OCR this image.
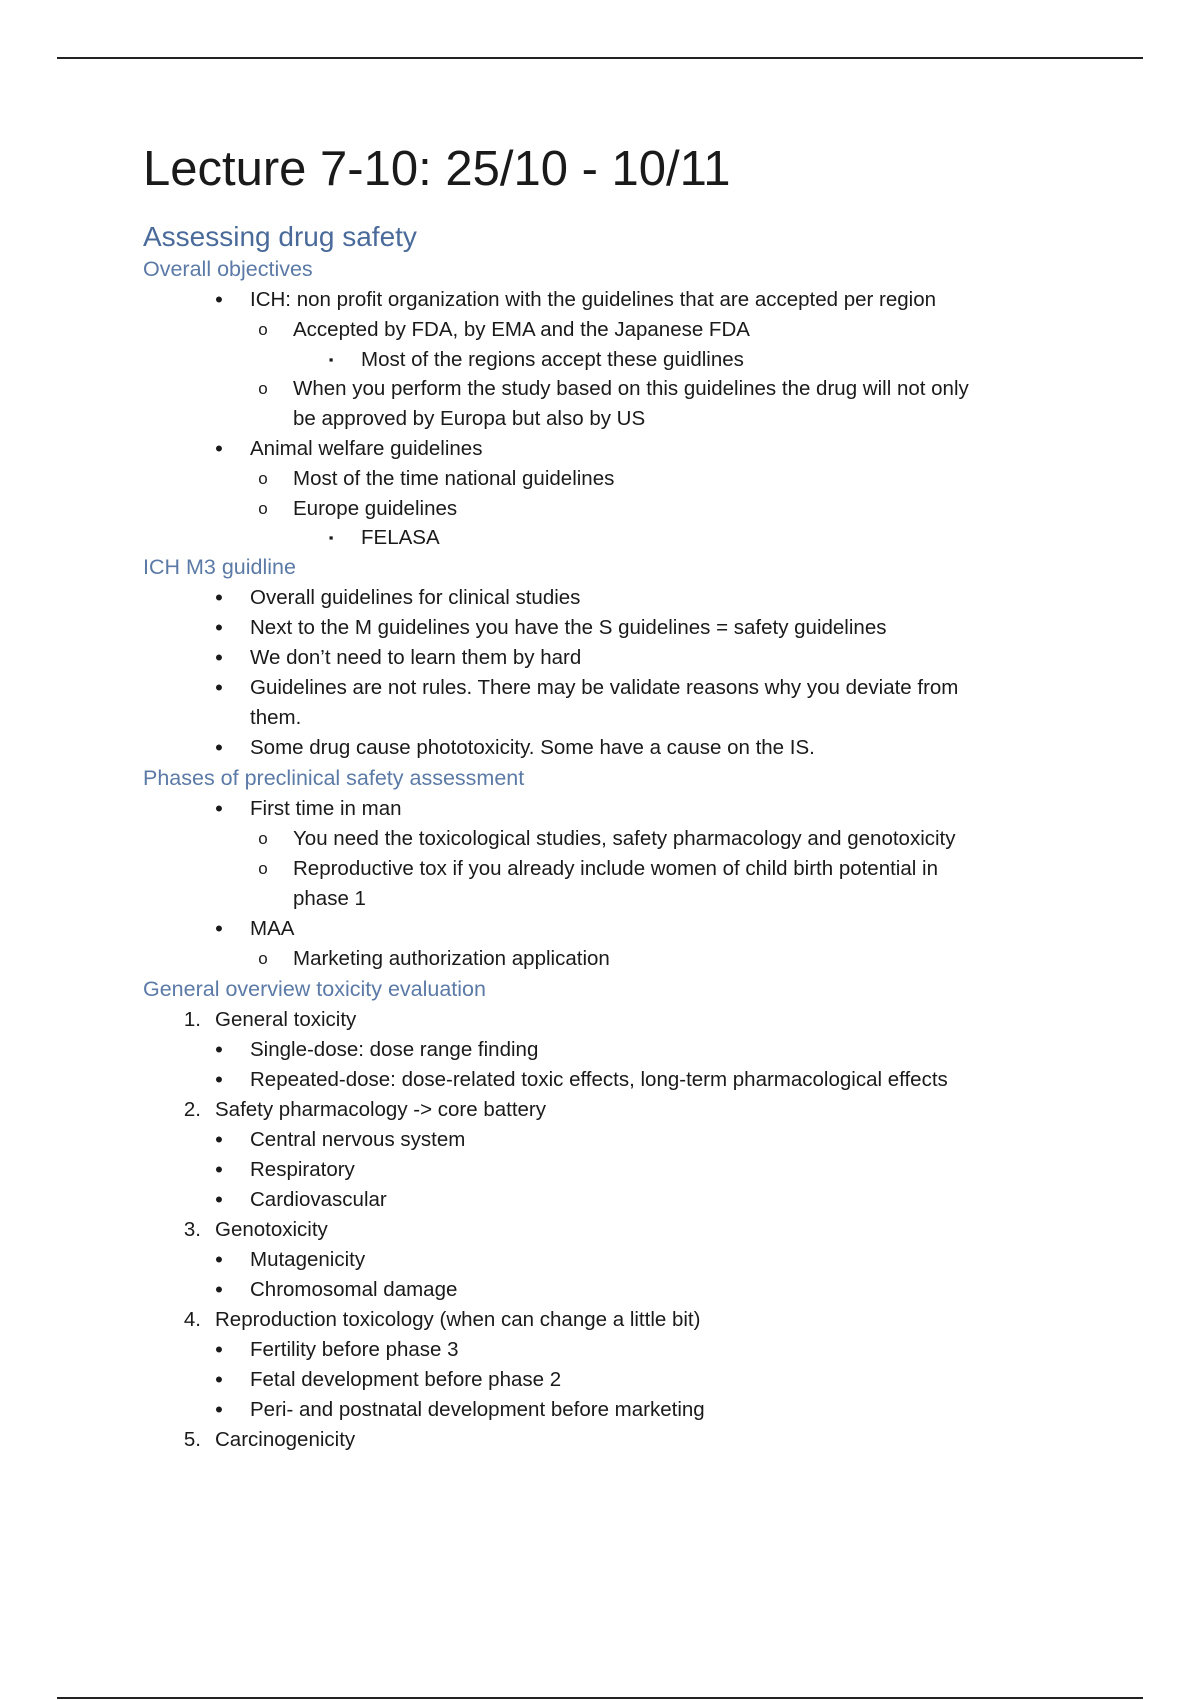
Lecture 7-10: 25/10 - 10/11
Assessing drug safety
Overall objectives
• ICH: non profit organization with the guidelines that are accepted per region
o Accepted by FDA, by EMA and the Japanese FDA
▪ Most of the regions accept these guidlines
o When you perform the study based on this guidelines the drug will not only
be approved by Europa but also by US
• Animal welfare guidelines
o Most of the time national guidelines
o Europe guidelines
▪ FELASA
ICH M3 guidline
• Overall guidelines for clinical studies
• Next to the M guidelines you have the S guidelines = safety guidelines
• We don’t need to learn them by hard
• Guidelines are not rules. There may be validate reasons why you deviate from
them.
• Some drug cause phototoxicity. Some have a cause on the IS.
Phases of preclinical safety assessment
• First time in man
o You need the toxicological studies, safety pharmacology and genotoxicity
o Reproductive tox if you already include women of child birth potential in
phase 1
• MAA
o Marketing authorization application
General overview toxicity evaluation
1. General toxicity
• Single-dose: dose range finding
• Repeated-dose: dose-related toxic effects, long-term pharmacological effects
2. Safety pharmacology -> core battery
• Central nervous system
• Respiratory
• Cardiovascular
3. Genotoxicity
• Mutagenicity
• Chromosomal damage
4. Reproduction toxicology (when can change a little bit)
• Fertility before phase 3
• Fetal development before phase 2
• Peri- and postnatal development before marketing
5. Carcinogenicity
